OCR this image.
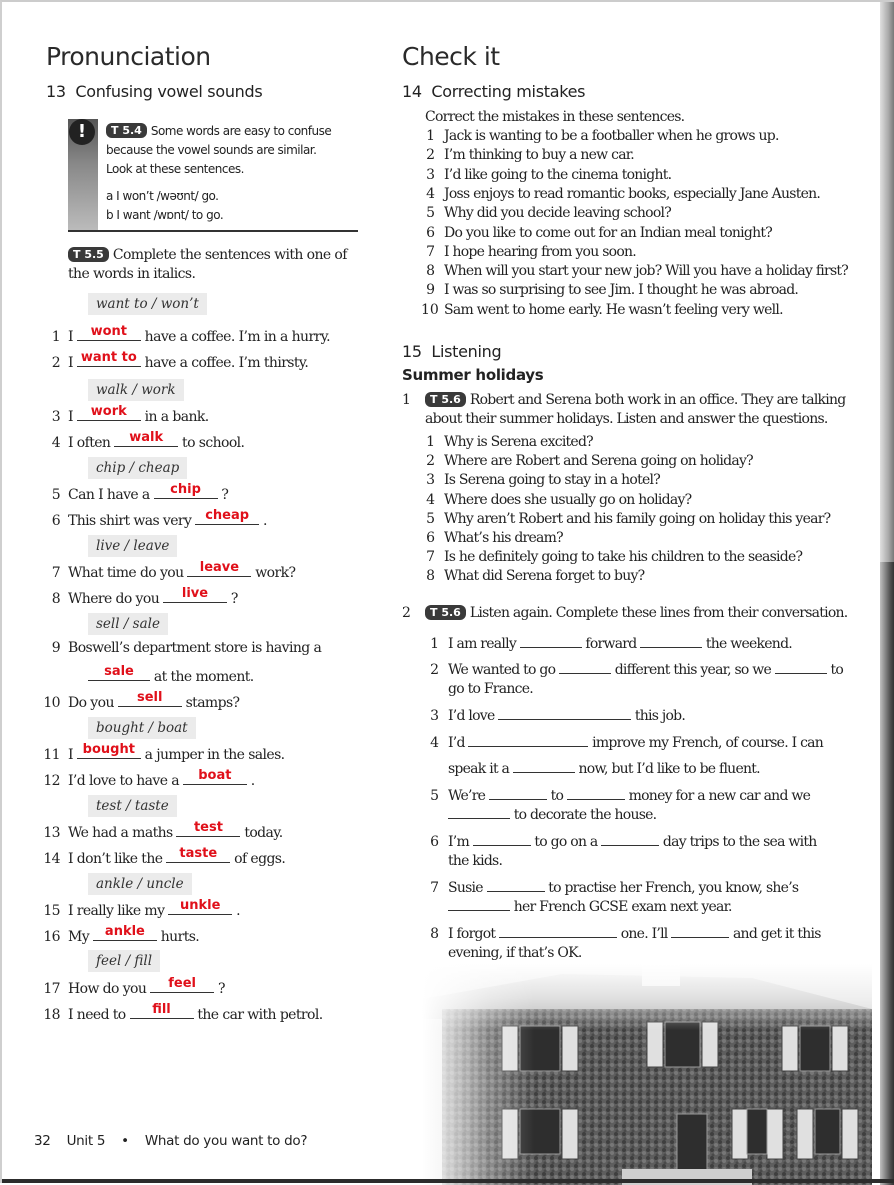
Pronunciation
13 Confusing vowel sounds
!	T 5.4 Some words are easy to confuse
because the vowel sounds are similar.
Look at these sentences.
a I won’t /wəʊnt/ go.
b I want /wɒnt/ to go.
T 5.5 Complete the sentences with one of
the words in italics.
want to / won’t
walk / work
chip / cheap
live / leave
sell / sale
bought / boat
test / taste
ankle / uncle
feel / fill
1 I	wont	have a coffee. I’m in a hurry.
2 I want to have a coffee. I’m thirsty.
3 I	work	in a bank.
4 I often	walk	to school.
5 Can I have a	chip	?
6 This shirt was very	cheap .
7 What time do you	leave	work?
8 Where do you	live	?
9 Boswell’s department store is having a
sale	at the moment.
10 Do you	sell	stamps?
11 I bought a jumper in the sales.
12 I’d love to have a	boat	.
13 We had a maths	test	today.
14 I don’t like the	taste	of eggs.
15 I really like my	unkle	.
16 My	ankle	hurts.
17 How do you	feel	?
18 I need to	fill	the car with petrol.
Check it
14 Correcting mistakes
Correct the mistakes in these sentences.
1 Jack is wanting to be a footballer when he grows up.
2 I’m thinking to buy a new car.
3 I’d like going to the cinema tonight.
4 Joss enjoys to read romantic books, especially Jane Austen.
5 Why did you decide leaving school?
6 Do you like to come out for an Indian meal tonight?
7 I hope hearing from you soon.
8 When will you start your new job? Will you have a holiday first?
9 I was so surprising to see Jim. I thought he was abroad.
10 Sam went to home early. He wasn’t feeling very well.
15 Listening
Summer holidays
1 T 5.6 Robert and Serena both work in an office. They are talking
about their summer holidays. Listen and answer the questions.
1 Why is Serena excited?
2 Where are Robert and Serena going on holiday?
3 Is Serena going to stay in a hotel?
4 Where does she usually go on holiday?
5 Why aren’t Robert and his family going on holiday this year?
6 What’s his dream?
7 Is he definitely going to take his children to the seaside?
8 What did Serena forget to buy?
2 T 5.6 Listen again. Complete these lines from their conversation.
1 I am really	forward	the weekend.
2 We wanted to go	different this year, so we	to
go to France.
3 I’d love	this job.
4 I’d	improve my French, of course. I can
speak it a	now, but I’d like to be fluent.
5 We’re	to	money for a new car and we
to decorate the house.
6 I’m	to go on a	day trips to the sea with
the kids.
7 Susie	to practise her French, you know, she’s
her French GCSE exam next year.
8 I forgot	one. I’ll	and get it this
evening, if that’s OK.
32 Unit 5 • What do you want to do?
